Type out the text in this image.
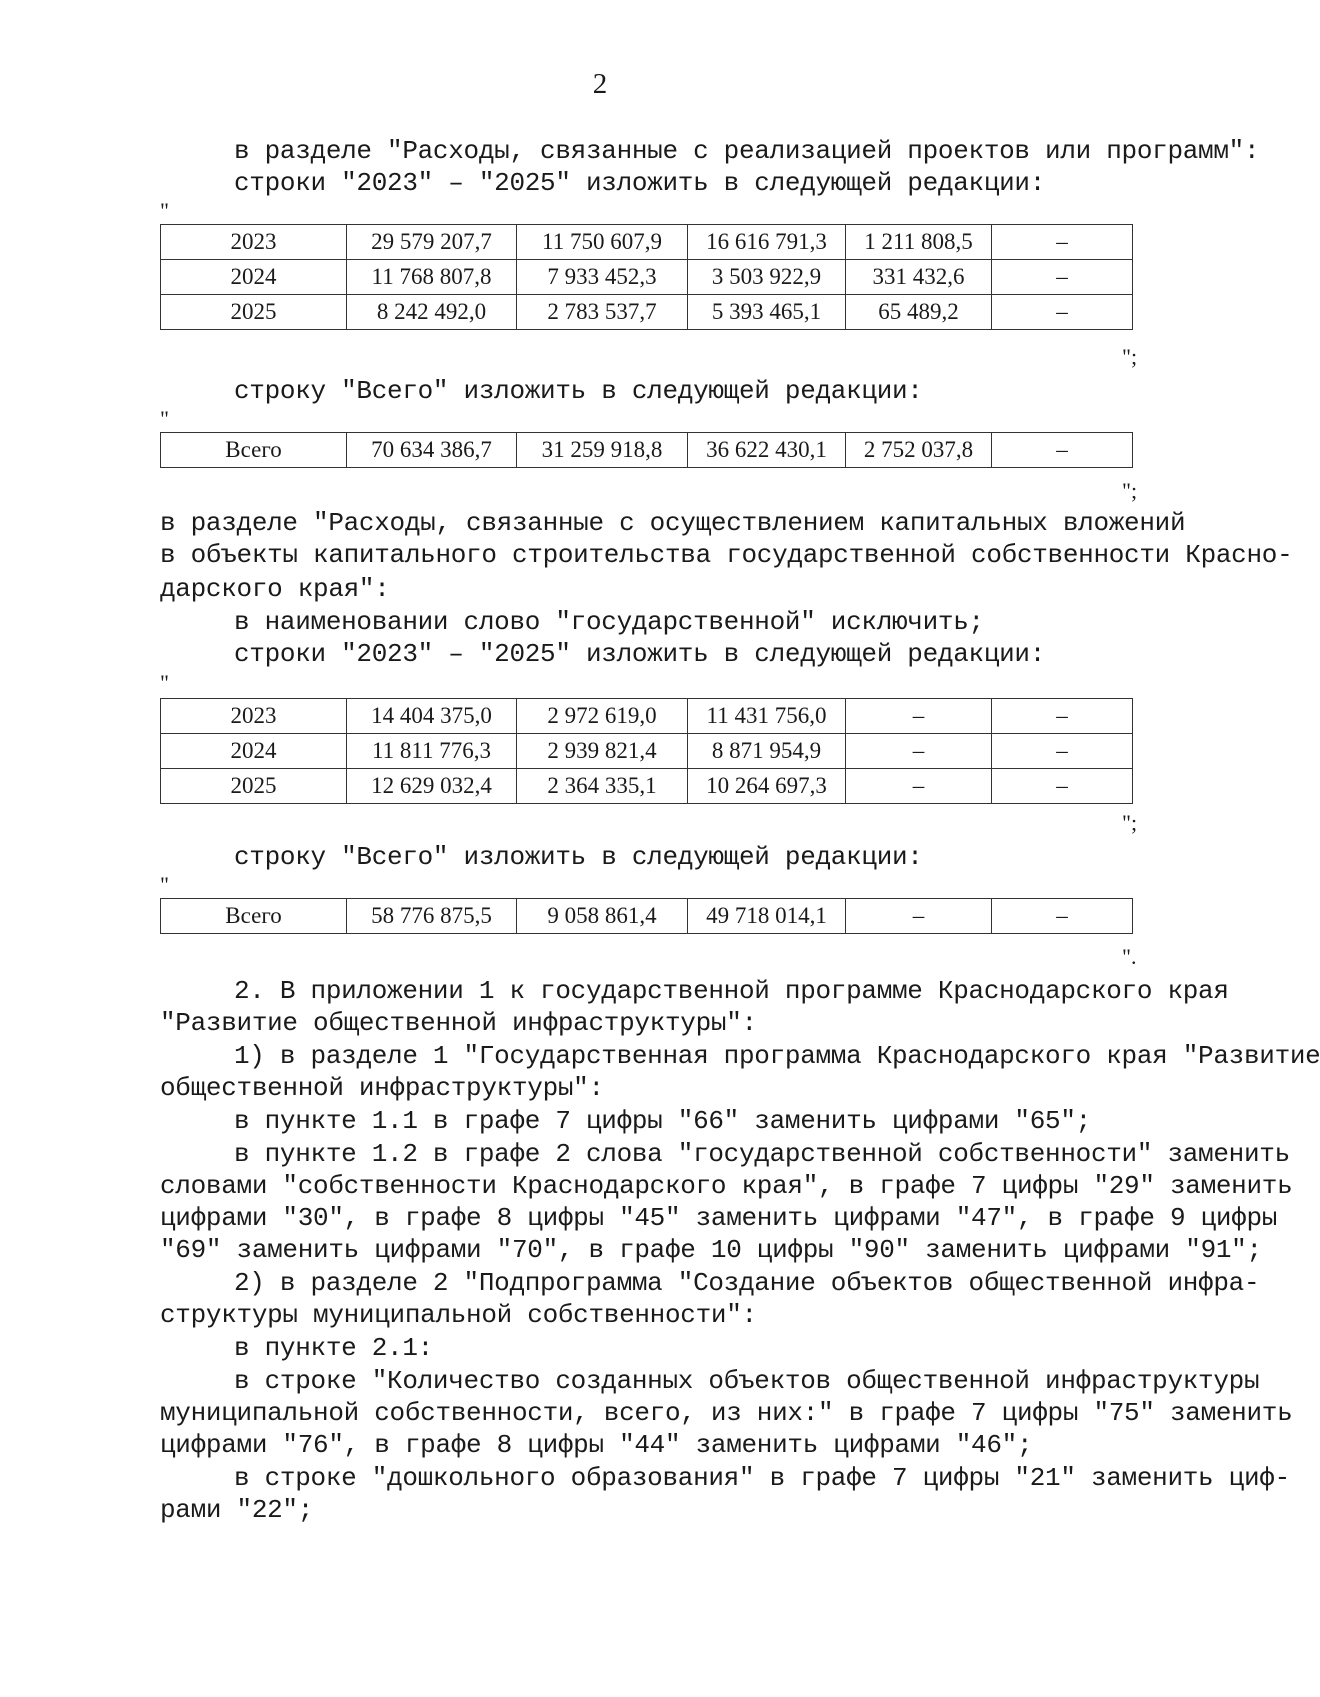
2
в разделе "Расходы, связанные с реализацией проектов или программ":
строки "2023" – "2025" изложить в следующей редакции:
"
2023	29 579 207,7	11 750 607,9	16 616 791,3	1 211 808,5	–
2024	11 768 807,8	7 933 452,3	3 503 922,9	331 432,6	–
2025	8 242 492,0	2 783 537,7	5 393 465,1	65 489,2	–
";
строку "Всего" изложить в следующей редакции:
"
Всего	70 634 386,7	31 259 918,8	36 622 430,1	2 752 037,8	–
";
в разделе "Расходы, связанные с осуществлением капитальных вложений
в объекты капитального строительства государственной собственности Красно-
дарского края":
в наименовании слово "государственной" исключить;
строки "2023" – "2025" изложить в следующей редакции:
"
2023	14 404 375,0	2 972 619,0	11 431 756,0	–	–
2024	11 811 776,3	2 939 821,4	8 871 954,9	–	–
2025	12 629 032,4	2 364 335,1	10 264 697,3	–	–
";
строку "Всего" изложить в следующей редакции:
"
Всего	58 776 875,5	9 058 861,4	49 718 014,1	–	–
".
2. В приложении 1 к государственной программе Краснодарского края
"Развитие общественной инфраструктуры":
1) в разделе 1 "Государственная программа Краснодарского края "Развитие
общественной инфраструктуры":
в пункте 1.1 в графе 7 цифры "66" заменить цифрами "65";
в пункте 1.2 в графе 2 слова "государственной собственности" заменить
словами "собственности Краснодарского края", в графе 7 цифры "29" заменить
цифрами "30", в графе 8 цифры "45" заменить цифрами "47", в графе 9 цифры
"69" заменить цифрами "70", в графе 10 цифры "90" заменить цифрами "91";
2) в разделе 2 "Подпрограмма "Создание объектов общественной инфра-
структуры муниципальной собственности":
в пункте 2.1:
в строке "Количество созданных объектов общественной инфраструктуры
муниципальной собственности, всего, из них:" в графе 7 цифры "75" заменить
цифрами "76", в графе 8 цифры "44" заменить цифрами "46";
в строке "дошкольного образования" в графе 7 цифры "21" заменить циф-
рами "22";
